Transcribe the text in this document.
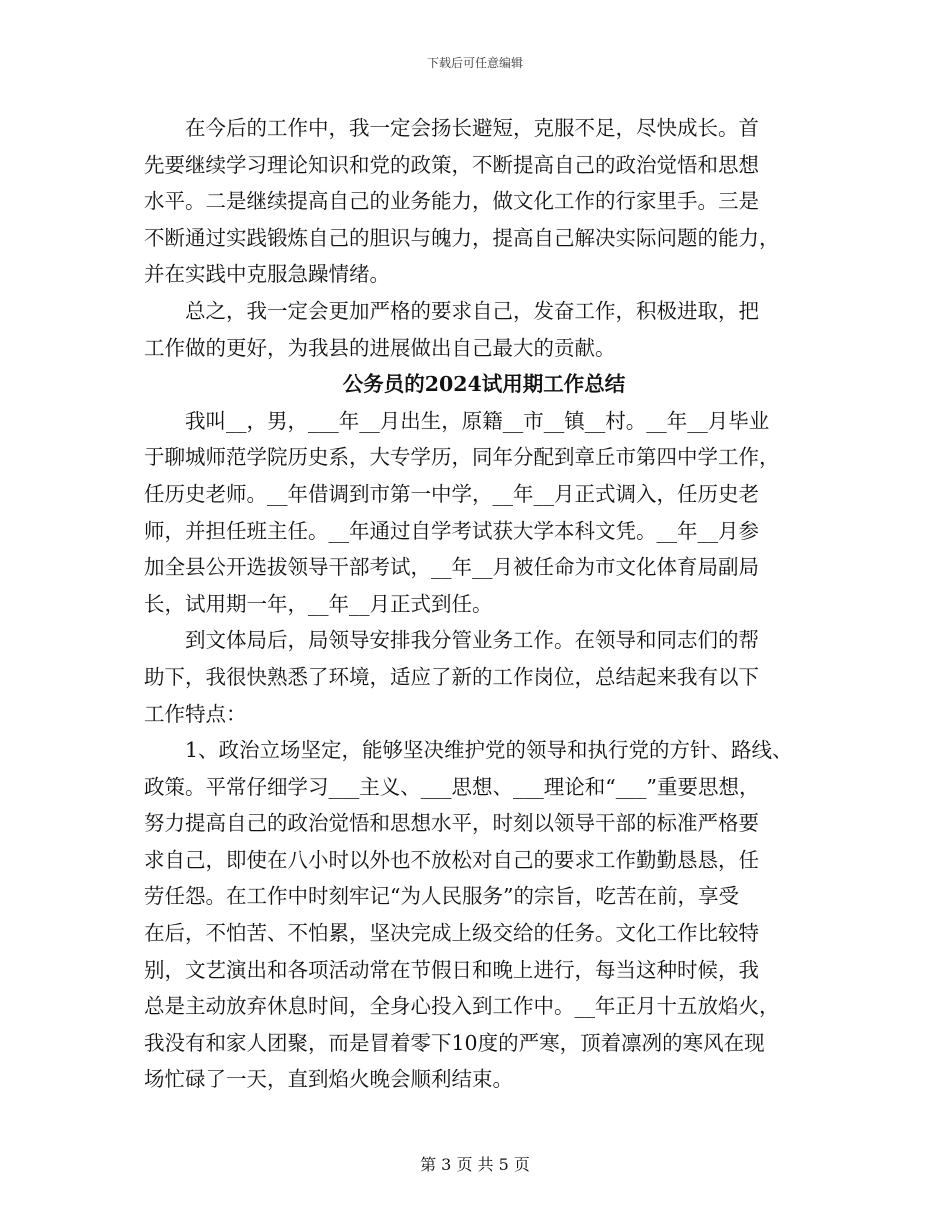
下载后可任意编辑
在今后的工作中，我一定会扬长避短，克服不足，尽快成长。首
先要继续学习理论知识和党的政策，不断提高自己的政治觉悟和思想
水平。二是继续提高自己的业务能力，做文化工作的行家里手。三是
不断通过实践锻炼自己的胆识与魄力，提高自己解决实际问题的能力，
并在实践中克服急躁情绪。
总之，我一定会更加严格的要求自己，发奋工作，积极进取，把
工作做的更好，为我县的进展做出自己最大的贡献。
公务员的2024试用期工作总结
我叫__，男，___年__月出生，原籍__市__镇__村。__年__月毕业
于聊城师范学院历史系，大专学历，同年分配到章丘市第四中学工作，
任历史老师。__年借调到市第一中学，__年__月正式调入，任历史老
师，并担任班主任。__年通过自学考试获大学本科文凭。__年__月参
加全县公开选拔领导干部考试，__年__月被任命为市文化体育局副局
长，试用期一年，__年__月正式到任。
到文体局后，局领导安排我分管业务工作。在领导和同志们的帮
助下，我很快熟悉了环境，适应了新的工作岗位，总结起来我有以下
工作特点：
1、政治立场坚定，能够坚决维护党的领导和执行党的方针、路线、
政策。平常仔细学习___主义、___思想、___理论和“___”重要思想，
努力提高自己的政治觉悟和思想水平，时刻以领导干部的标准严格要
求自己，即使在八小时以外也不放松对自己的要求工作勤勤恳恳，任
劳任怨。在工作中时刻牢记“为人民服务”的宗旨，吃苦在前，享受
在后，不怕苦、不怕累，坚决完成上级交给的任务。文化工作比较特
别，文艺演出和各项活动常在节假日和晚上进行，每当这种时候，我
总是主动放弃休息时间，全身心投入到工作中。__年正月十五放焰火，
我没有和家人团聚，而是冒着零下10度的严寒，顶着凛冽的寒风在现
场忙碌了一天，直到焰火晚会顺利结束。
第 3 页 共 5 页
